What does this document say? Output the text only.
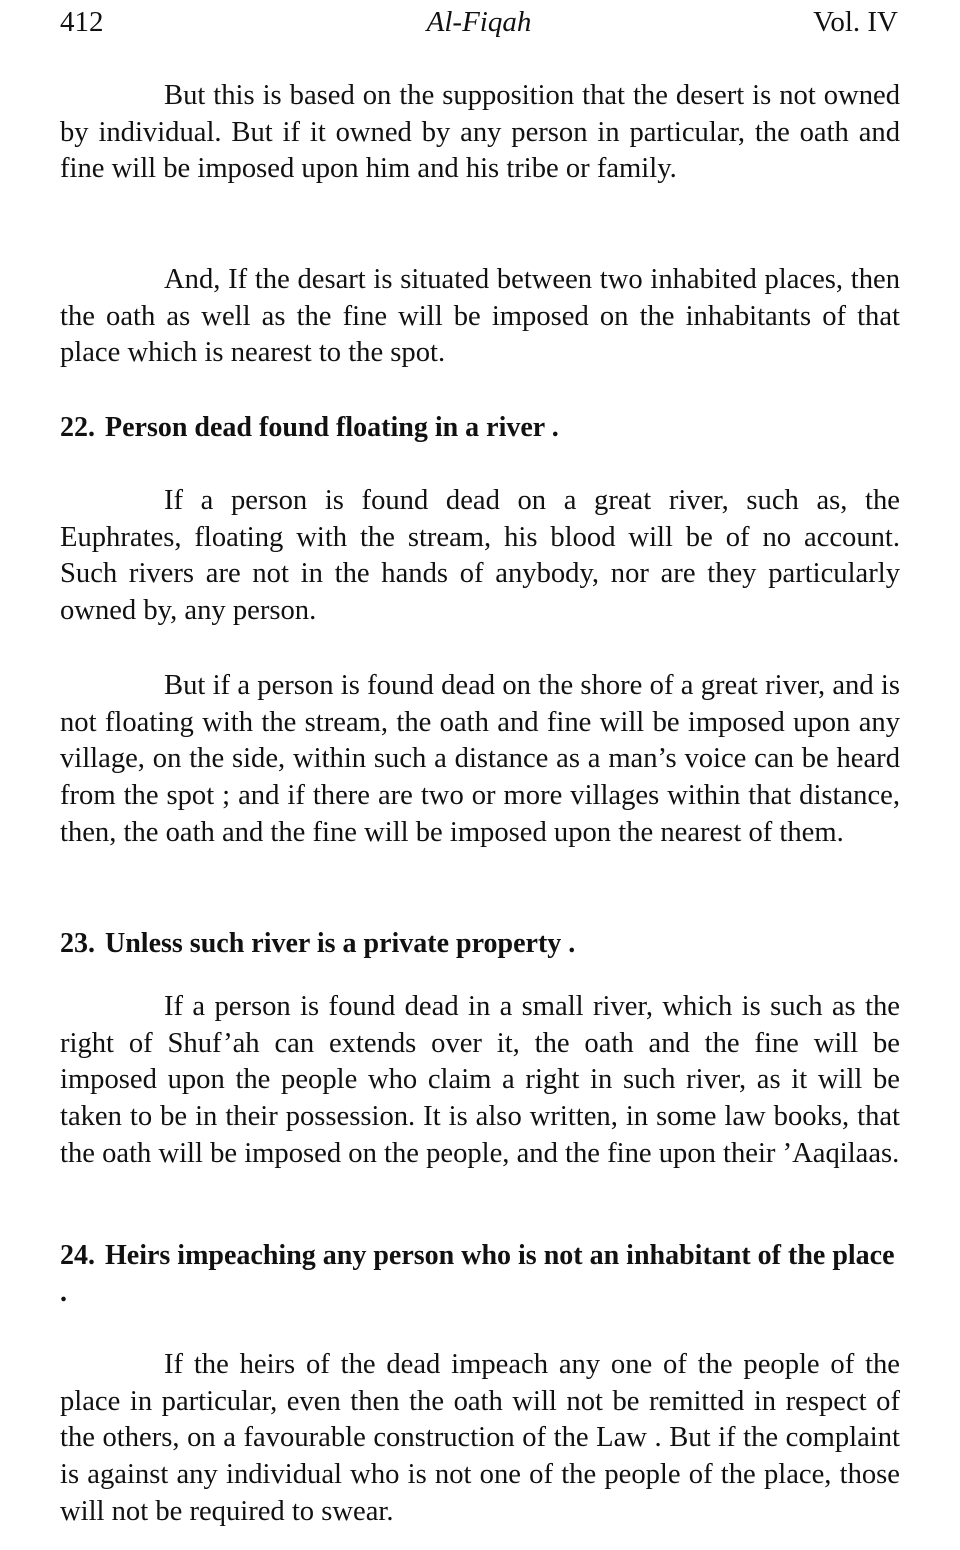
412	Al-Fiqah	Vol. IV

But this is based on the supposition that the desert is not owned by individual. But if it owned by any person in particular, the oath and fine will be imposed upon him and his tribe or family.

And, If the desart is situated between two inhabited places, then the oath as well as the fine will be imposed on the inhabitants of that place which is nearest to the spot.

22. Person dead found floating in a river .

If a person is found dead on a great river, such as, the Euphrates, floating with the stream, his blood will be of no account. Such rivers are not in the hands of anybody, nor are they particularly owned by, any person.

But if a person is found dead on the shore of a great river, and is not floating with the stream, the oath and fine will be imposed upon any village, on the side, within such a distance as a man’s voice can be heard from the spot ; and if there are two or more villages within that distance, then, the oath and the fine will be imposed upon the nearest of them.

23. Unless such river is a private property .

If a person is found dead in a small river, which is such as the right of Shuf’ah can extends over it, the oath and the fine will be imposed upon the people who claim a right in such river, as it will be taken to be in their possession. It is also written, in some law books, that the oath will be imposed on the people, and the fine upon their ’Aaqilaas.

24. Heirs impeaching any person who is not an inhabitant of the place .

If the heirs of the dead impeach any one of the people of the place in particular, even then the oath will not be remitted in respect of the others, on a favourable construction of the Law . But if the complaint is against any individual who is not one of the people of the place, those will not be required to swear.
